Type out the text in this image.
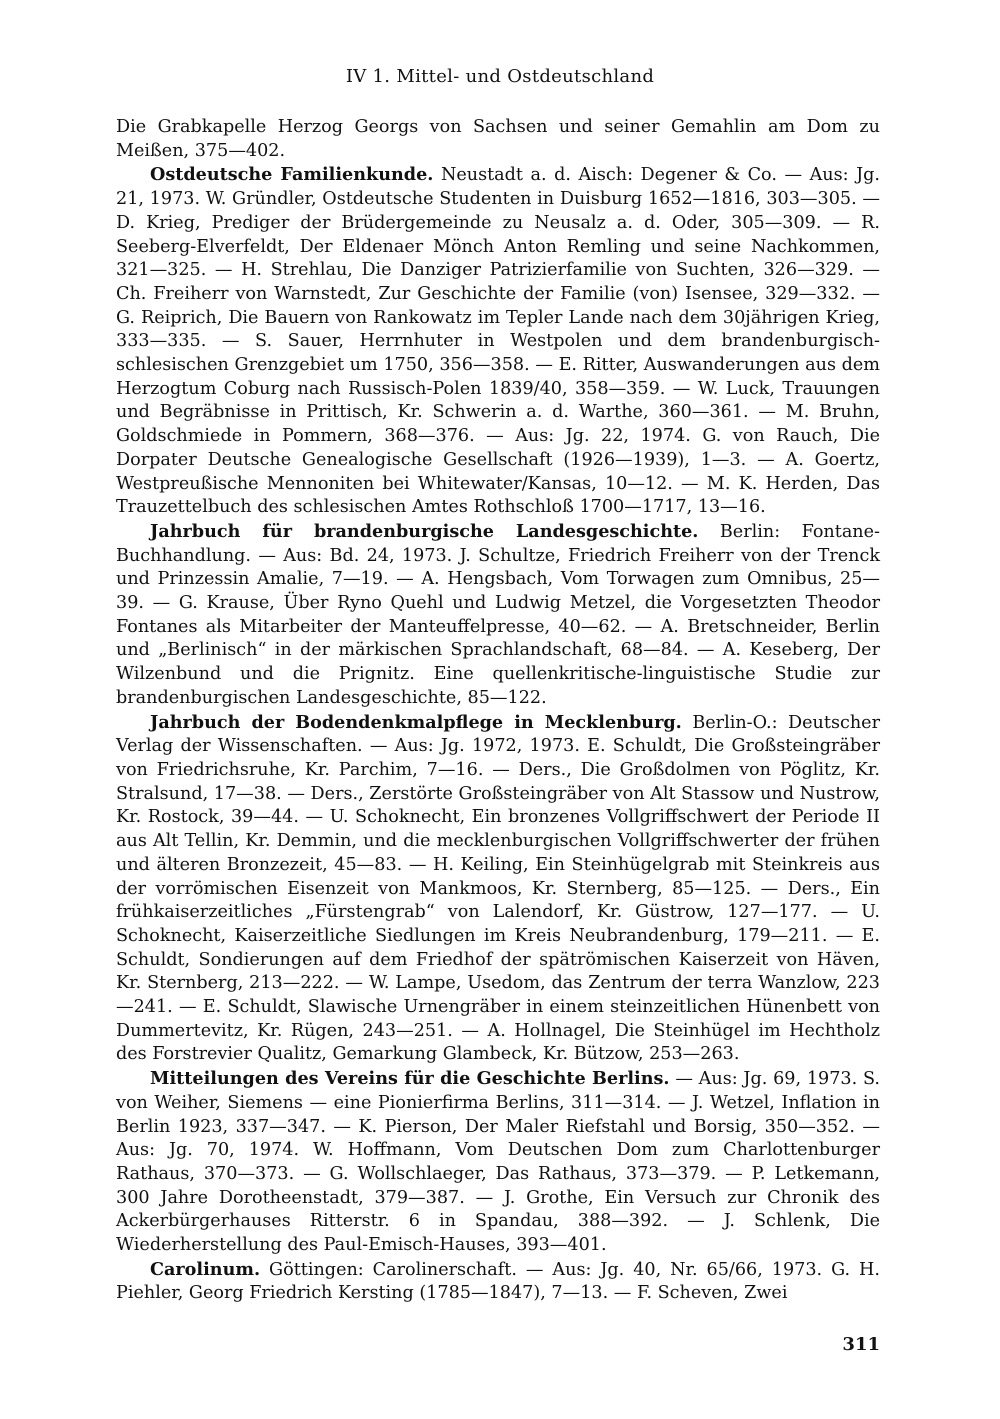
IV 1. Mittel- und Ostdeutschland

Die Grabkapelle Herzog Georgs von Sachsen und seiner Gemahlin am Dom zu Meißen, 375—402.

Ostdeutsche Familienkunde. Neustadt a. d. Aisch: Degener & Co. — Aus: Jg. 21, 1973. W. Gründler, Ostdeutsche Studenten in Duisburg 1652—1816, 303—305. — D. Krieg, Prediger der Brüdergemeinde zu Neusalz a. d. Oder, 305—309. — R. Seeberg-Elverfeldt, Der Eldenaer Mönch Anton Remling und seine Nachkommen, 321—325. — H. Strehlau, Die Danziger Patrizierfamilie von Suchten, 326—329. — Ch. Freiherr von Warnstedt, Zur Geschichte der Familie (von) Isensee, 329—332. — G. Reiprich, Die Bauern von Rankowatz im Tepler Lande nach dem 30jährigen Krieg, 333—335. — S. Sauer, Herrnhuter in Westpolen und dem brandenburgisch-schlesischen Grenzgebiet um 1750, 356—358. — E. Ritter, Auswanderungen aus dem Herzogtum Coburg nach Russisch-Polen 1839/40, 358—359. — W. Luck, Trauungen und Begräbnisse in Prittisch, Kr. Schwerin a. d. Warthe, 360—361. — M. Bruhn, Goldschmiede in Pommern, 368—376. — Aus: Jg. 22, 1974. G. von Rauch, Die Dorpater Deutsche Genealogische Gesellschaft (1926—1939), 1—3. — A. Goertz, Westpreußische Mennoniten bei Whitewater/Kansas, 10—12. — M. K. Herden, Das Trauzettelbuch des schlesischen Amtes Rothschloß 1700—1717, 13—16.

Jahrbuch für brandenburgische Landesgeschichte. Berlin: Fontane-Buchhandlung. — Aus: Bd. 24, 1973. J. Schultze, Friedrich Freiherr von der Trenck und Prinzessin Amalie, 7—19. — A. Hengsbach, Vom Torwagen zum Omnibus, 25—39. — G. Krause, Über Ryno Quehl und Ludwig Metzel, die Vorgesetzten Theodor Fontanes als Mitarbeiter der Manteuffelpresse, 40—62. — A. Bretschneider, Berlin und „Berlinisch“ in der märkischen Sprachlandschaft, 68—84. — A. Keseberg, Der Wilzenbund und die Prignitz. Eine quellenkritische-linguistische Studie zur brandenburgischen Landesgeschichte, 85—122.

Jahrbuch der Bodendenkmalpflege in Mecklenburg. Berlin-O.: Deutscher Verlag der Wissenschaften. — Aus: Jg. 1972, 1973. E. Schuldt, Die Großsteingräber von Friedrichsruhe, Kr. Parchim, 7—16. — Ders., Die Großdolmen von Pöglitz, Kr. Stralsund, 17—38. — Ders., Zerstörte Großsteingräber von Alt Stassow und Nustrow, Kr. Rostock, 39—44. — U. Schoknecht, Ein bronzenes Vollgriffschwert der Periode II aus Alt Tellin, Kr. Demmin, und die mecklenburgischen Vollgriffschwerter der frühen und älteren Bronzezeit, 45—83. — H. Keiling, Ein Steinhügelgrab mit Steinkreis aus der vorrömischen Eisenzeit von Mankmoos, Kr. Sternberg, 85—125. — Ders., Ein frühkaiserzeitliches „Fürstengrab“ von Lalendorf, Kr. Güstrow, 127—177. — U. Schoknecht, Kaiserzeitliche Siedlungen im Kreis Neubrandenburg, 179—211. — E. Schuldt, Sondierungen auf dem Friedhof der spätrömischen Kaiserzeit von Häven, Kr. Sternberg, 213—222. — W. Lampe, Usedom, das Zentrum der terra Wanzlow, 223—241. — E. Schuldt, Slawische Urnengräber in einem steinzeitlichen Hünenbett von Dummertevitz, Kr. Rügen, 243—251. — A. Hollnagel, Die Steinhügel im Hechtholz des Forstrevier Qualitz, Gemarkung Glambeck, Kr. Bützow, 253—263.

Mitteilungen des Vereins für die Geschichte Berlins. — Aus: Jg. 69, 1973. S. von Weiher, Siemens — eine Pionierfirma Berlins, 311—314. — J. Wetzel, Inflation in Berlin 1923, 337—347. — K. Pierson, Der Maler Riefstahl und Borsig, 350—352. — Aus: Jg. 70, 1974. W. Hoffmann, Vom Deutschen Dom zum Charlottenburger Rathaus, 370—373. — G. Wollschlaeger, Das Rathaus, 373—379. — P. Letkemann, 300 Jahre Dorotheenstadt, 379—387. — J. Grothe, Ein Versuch zur Chronik des Ackerbürgerhauses Ritterstr. 6 in Spandau, 388—392. — J. Schlenk, Die Wiederherstellung des Paul-Emisch-Hauses, 393—401.

Carolinum. Göttingen: Carolinerschaft. — Aus: Jg. 40, Nr. 65/66, 1973. G. H. Piehler, Georg Friedrich Kersting (1785—1847), 7—13. — F. Scheven, Zwei

311
